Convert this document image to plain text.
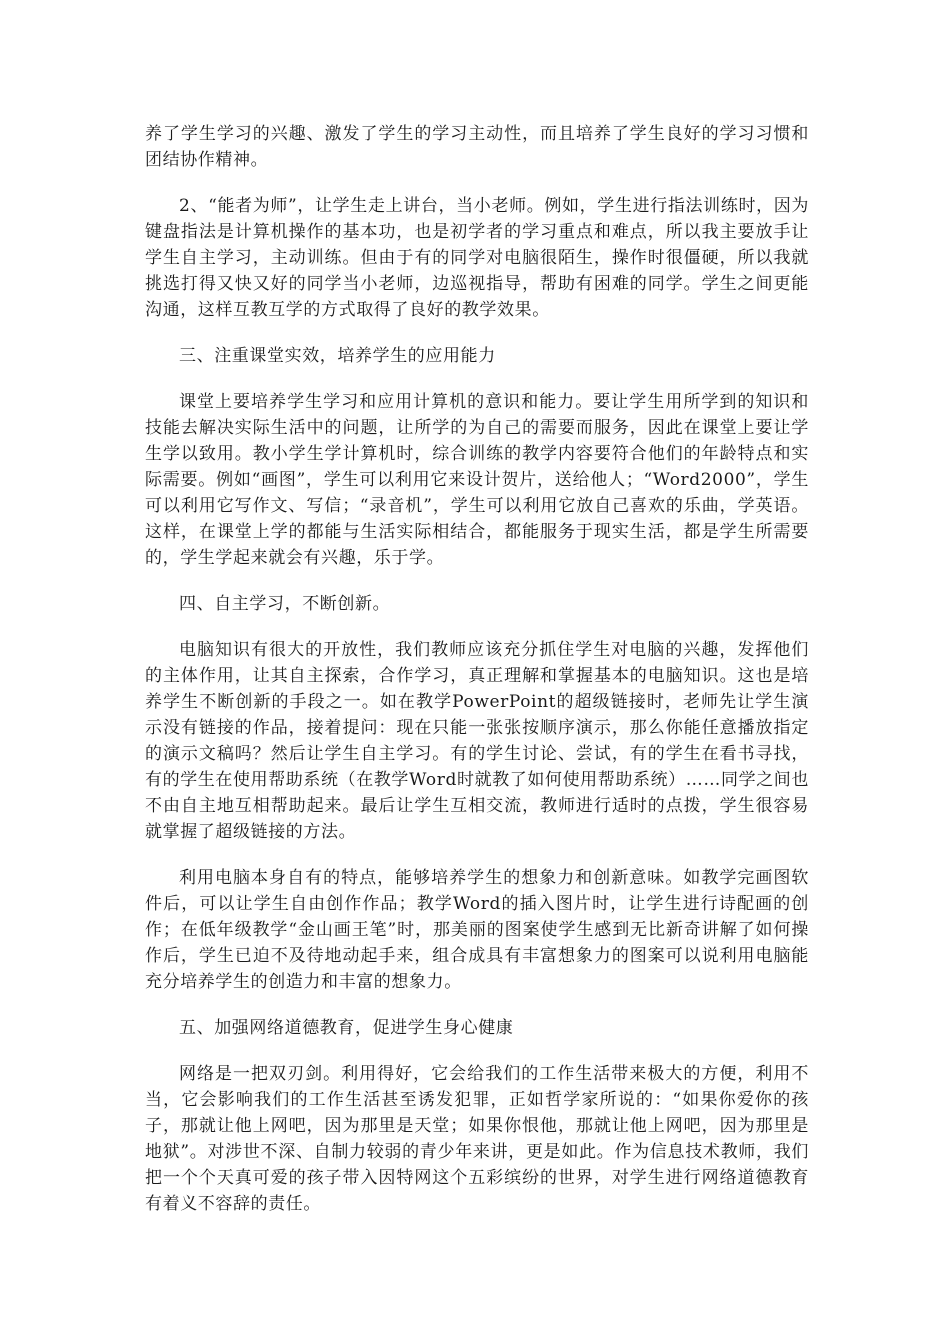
养了学生学习的兴趣、激发了学生的学习主动性，而且培养了学生良好的学习习惯和团结协作精神。

2、“能者为师”，让学生走上讲台，当小老师。例如，学生进行指法训练时，因为键盘指法是计算机操作的基本功，也是初学者的学习重点和难点，所以我主要放手让学生自主学习，主动训练。但由于有的同学对电脑很陌生，操作时很僵硬，所以我就挑选打得又快又好的同学当小老师，边巡视指导，帮助有困难的同学。学生之间更能沟通，这样互教互学的方式取得了良好的教学效果。

三、注重课堂实效，培养学生的应用能力

课堂上要培养学生学习和应用计算机的意识和能力。要让学生用所学到的知识和技能去解决实际生活中的问题，让所学的为自己的需要而服务，因此在课堂上要让学生学以致用。教小学生学计算机时，综合训练的教学内容要符合他们的年龄特点和实际需要。例如“画图”，学生可以利用它来设计贺片，送给他人；“Word2000”，学生可以利用它写作文、写信；“录音机”，学生可以利用它放自己喜欢的乐曲，学英语。这样，在课堂上学的都能与生活实际相结合，都能服务于现实生活，都是学生所需要的，学生学起来就会有兴趣，乐于学。

四、自主学习，不断创新。

电脑知识有很大的开放性，我们教师应该充分抓住学生对电脑的兴趣，发挥他们的主体作用，让其自主探索，合作学习，真正理解和掌握基本的电脑知识。这也是培养学生不断创新的手段之一。如在教学PowerPoint的超级链接时，老师先让学生演示没有链接的作品，接着提问：现在只能一张张按顺序演示，那么你能任意播放指定的演示文稿吗？然后让学生自主学习。有的学生讨论、尝试，有的学生在看书寻找，有的学生在使用帮助系统（在教学Word时就教了如何使用帮助系统）……同学之间也不由自主地互相帮助起来。最后让学生互相交流，教师进行适时的点拨，学生很容易就掌握了超级链接的方法。

利用电脑本身自有的特点，能够培养学生的想象力和创新意味。如教学完画图软件后，可以让学生自由创作作品；教学Word的插入图片时，让学生进行诗配画的创作；在低年级教学“金山画王笔”时，那美丽的图案使学生感到无比新奇讲解了如何操作后，学生已迫不及待地动起手来，组合成具有丰富想象力的图案可以说利用电脑能充分培养学生的创造力和丰富的想象力。

五、加强网络道德教育，促进学生身心健康

网络是一把双刃剑。利用得好，它会给我们的工作生活带来极大的方便，利用不当，它会影响我们的工作生活甚至诱发犯罪，正如哲学家所说的：“如果你爱你的孩子，那就让他上网吧，因为那里是天堂；如果你恨他，那就让他上网吧，因为那里是地狱”。对涉世不深、自制力较弱的青少年来讲，更是如此。作为信息技术教师，我们把一个个天真可爱的孩子带入因特网这个五彩缤纷的世界，对学生进行网络道德教育有着义不容辞的责任。
